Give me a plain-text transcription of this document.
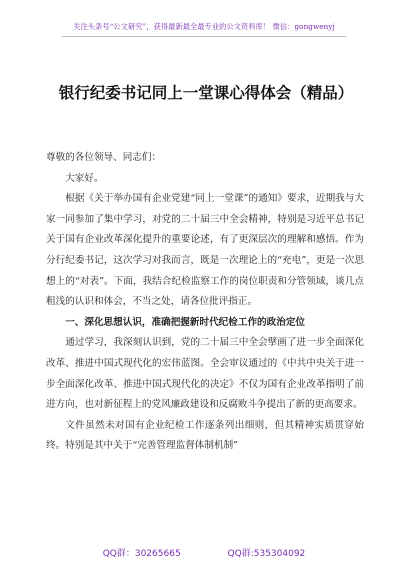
关注头条号“公文研究”，获得最新最全最专业的公文资料库！ 微信：gongwenyj
银行纪委书记同上一堂课心得体会（精品）

尊敬的各位领导、同志们：

大家好。

根据《关于举办国有企业党建“同上一堂课”的通知》要求，近期我与大家一同参加了集中学习，对党的二十届三中全会精神，特别是习近平总书记关于国有企业改革深化提升的重要论述，有了更深层次的理解和感悟。作为分行纪委书记，这次学习对我而言，既是一次理论上的“充电”，更是一次思想上的“对表”。下面，我结合纪检监察工作的岗位职责和分管领域，谈几点粗浅的认识和体会，不当之处，请各位批评指正。

一、深化思想认识，准确把握新时代纪检工作的政治定位

通过学习，我深刻认识到，党的二十届三中全会擘画了进一步全面深化改革、推进中国式现代化的宏伟蓝图。全会审议通过的《中共中央关于进一步全面深化改革、推进中国式现代化的决定》不仅为国有企业改革指明了前进方向，也对新征程上的党风廉政建设和反腐败斗争提出了新的更高要求。

文件虽然未对国有企业纪检工作逐条列出细则，但其精神实质贯穿始终。特别是其中关于“完善管理监督体制机制”

QQ群：30265665	QQ群:535304092
